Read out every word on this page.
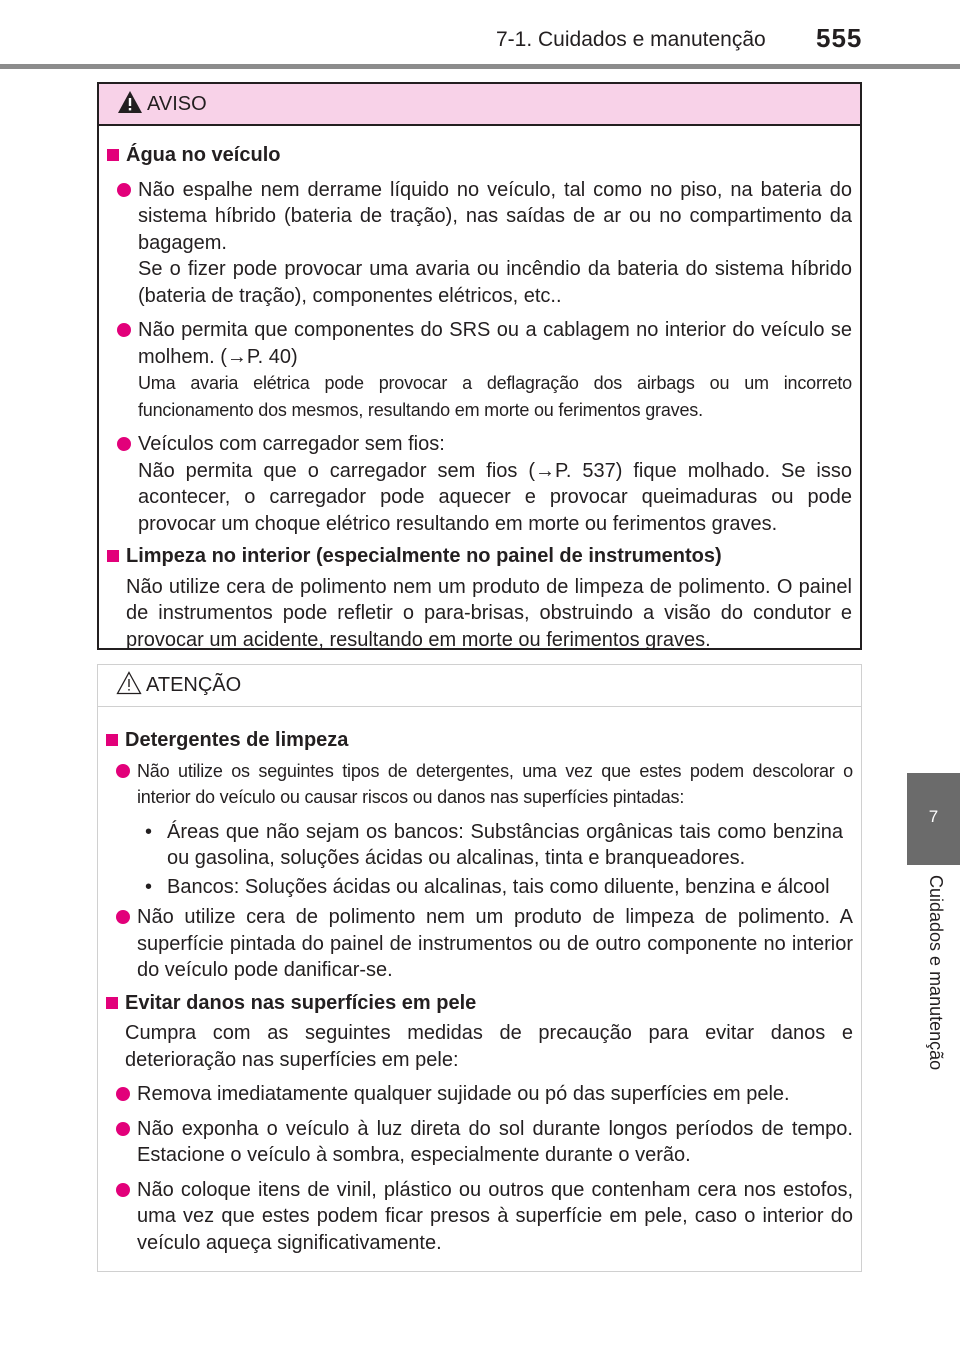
7-1. Cuidados e manutenção 555
7
Cuidados e manutenção
AVISO
Água no veículo
Não espalhe nem derrame líquido no veículo, tal como no piso, na bateria do sistema híbrido (bateria de tração), nas saídas de ar ou no compartimento da bagagem.
Se o fizer pode provocar uma avaria ou incêndio da bateria do sistema híbrido (bateria de tração), componentes elétricos, etc..
Não permita que componentes do SRS ou a cablagem no interior do veículo se molhem. (→P. 40)
Uma avaria elétrica pode provocar a deflagração dos airbags ou um incorreto funcionamento dos mesmos, resultando em morte ou ferimentos graves.
Veículos com carregador sem fios:
Não permita que o carregador sem fios (→P. 537) fique molhado. Se isso acontecer, o carregador pode aquecer e provocar queimaduras ou pode provocar um choque elétrico resultando em morte ou ferimentos graves.
Limpeza no interior (especialmente no painel de instrumentos)
Não utilize cera de polimento nem um produto de limpeza de polimento. O painel de instrumentos pode refletir o para-brisas, obstruindo a visão do condutor e provocar um acidente, resultando em morte ou ferimentos graves.
ATENÇÃO
Detergentes de limpeza
Não utilize os seguintes tipos de detergentes, uma vez que estes podem descolorar o interior do veículo ou causar riscos ou danos nas superfícies pintadas:
• Áreas que não sejam os bancos: Substâncias orgânicas tais como benzina ou gasolina, soluções ácidas ou alcalinas, tinta e branqueadores.
• Bancos: Soluções ácidas ou alcalinas, tais como diluente, benzina e álcool
Não utilize cera de polimento nem um produto de limpeza de polimento. A superfície pintada do painel de instrumentos ou de outro componente no interior do veículo pode danificar-se.
Evitar danos nas superfícies em pele
Cumpra com as seguintes medidas de precaução para evitar danos e deterioração nas superfícies em pele:
Remova imediatamente qualquer sujidade ou pó das superfícies em pele.
Não exponha o veículo à luz direta do sol durante longos períodos de tempo. Estacione o veículo à sombra, especialmente durante o verão.
Não coloque itens de vinil, plástico ou outros que contenham cera nos estofos, uma vez que estes podem ficar presos à superfície em pele, caso o interior do veículo aqueça significativamente.
